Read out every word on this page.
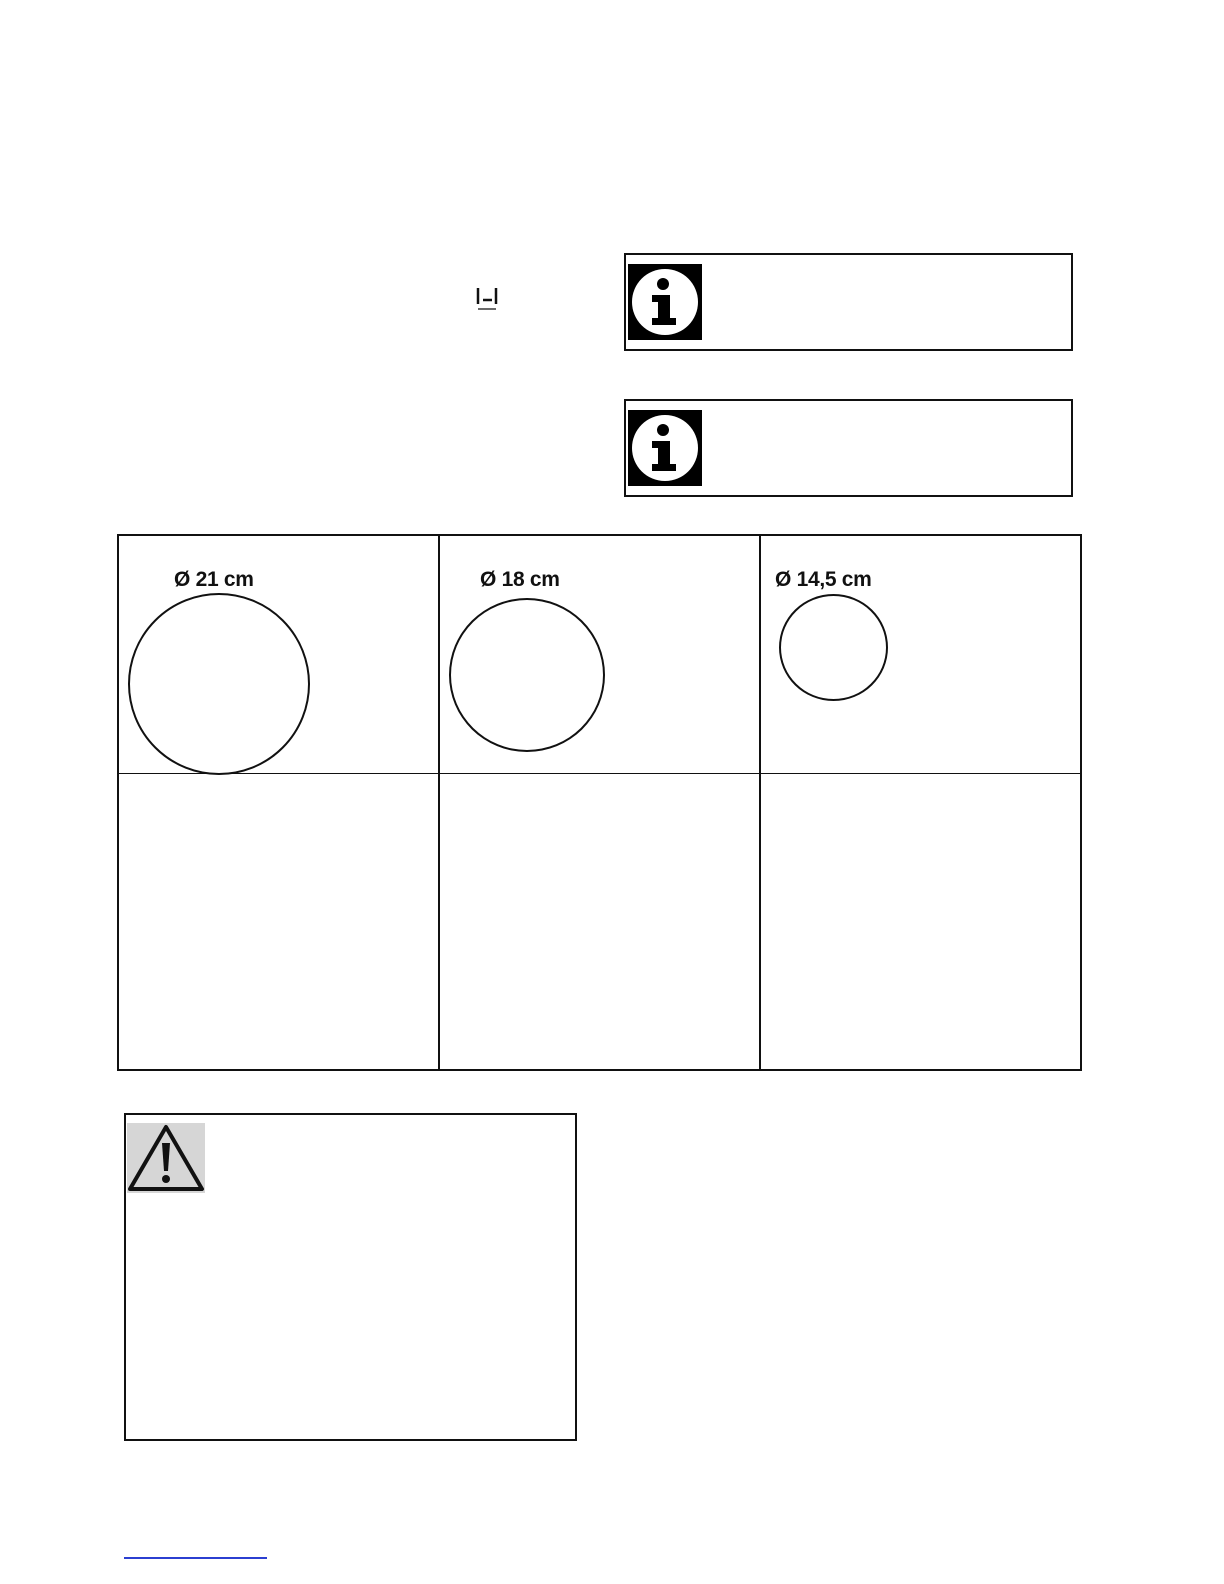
Ø 21 cm	Ø 18 cm	Ø 14,5 cm
